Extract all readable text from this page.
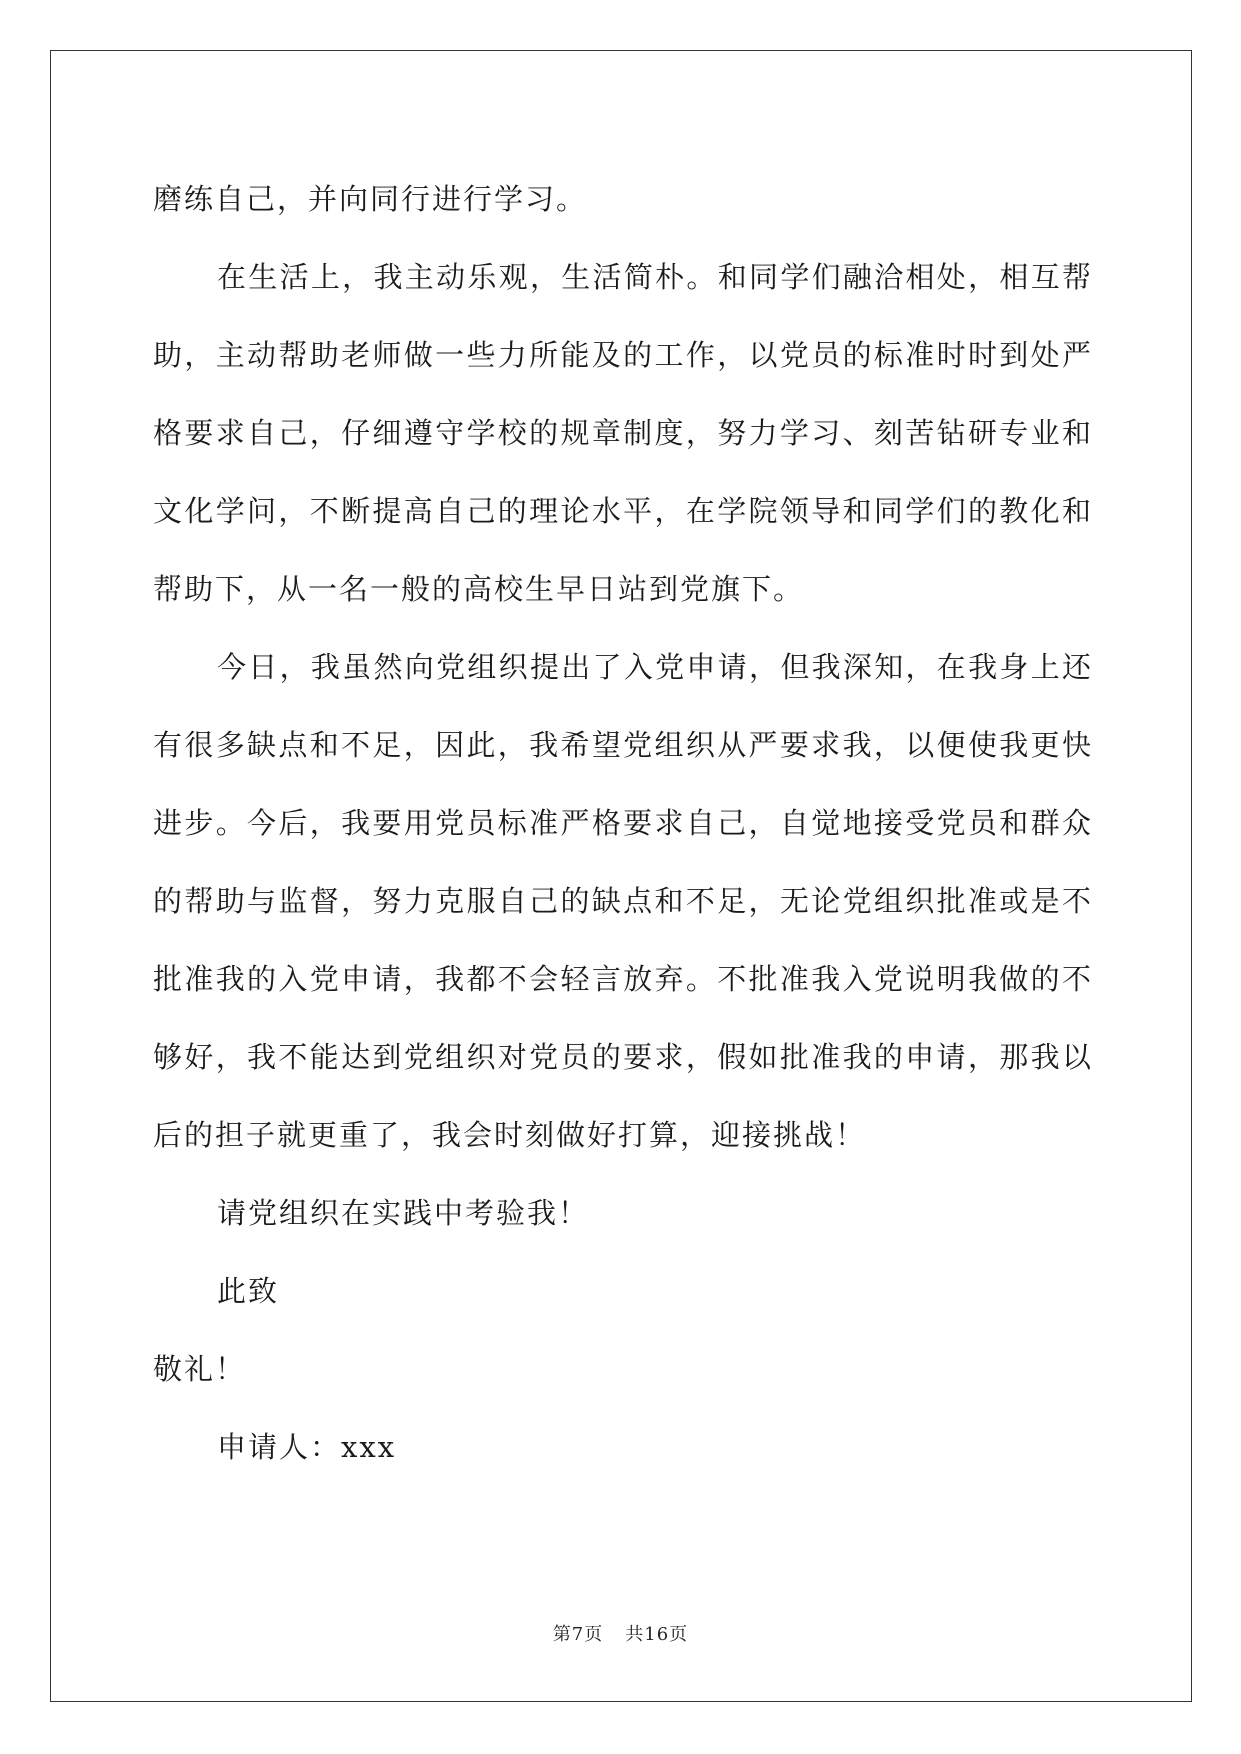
磨练自己，并向同行进行学习。

在生活上，我主动乐观，生活简朴。和同学们融洽相处，相互帮助，主动帮助老师做一些力所能及的工作，以党员的标准时时到处严格要求自己，仔细遵守学校的规章制度，努力学习、刻苦钻研专业和文化学问，不断提高自己的理论水平，在学院领导和同学们的教化和帮助下，从一名一般的高校生早日站到党旗下。

今日，我虽然向党组织提出了入党申请，但我深知，在我身上还有很多缺点和不足，因此，我希望党组织从严要求我，以便使我更快进步。今后，我要用党员标准严格要求自己，自觉地接受党员和群众的帮助与监督，努力克服自己的缺点和不足，无论党组织批准或是不批准我的入党申请，我都不会轻言放弃。不批准我入党说明我做的不够好，我不能达到党组织对党员的要求，假如批准我的申请，那我以后的担子就更重了，我会时刻做好打算，迎接挑战！

请党组织在实践中考验我！

此致

敬礼！

申请人：xxx

第7页 共16页
